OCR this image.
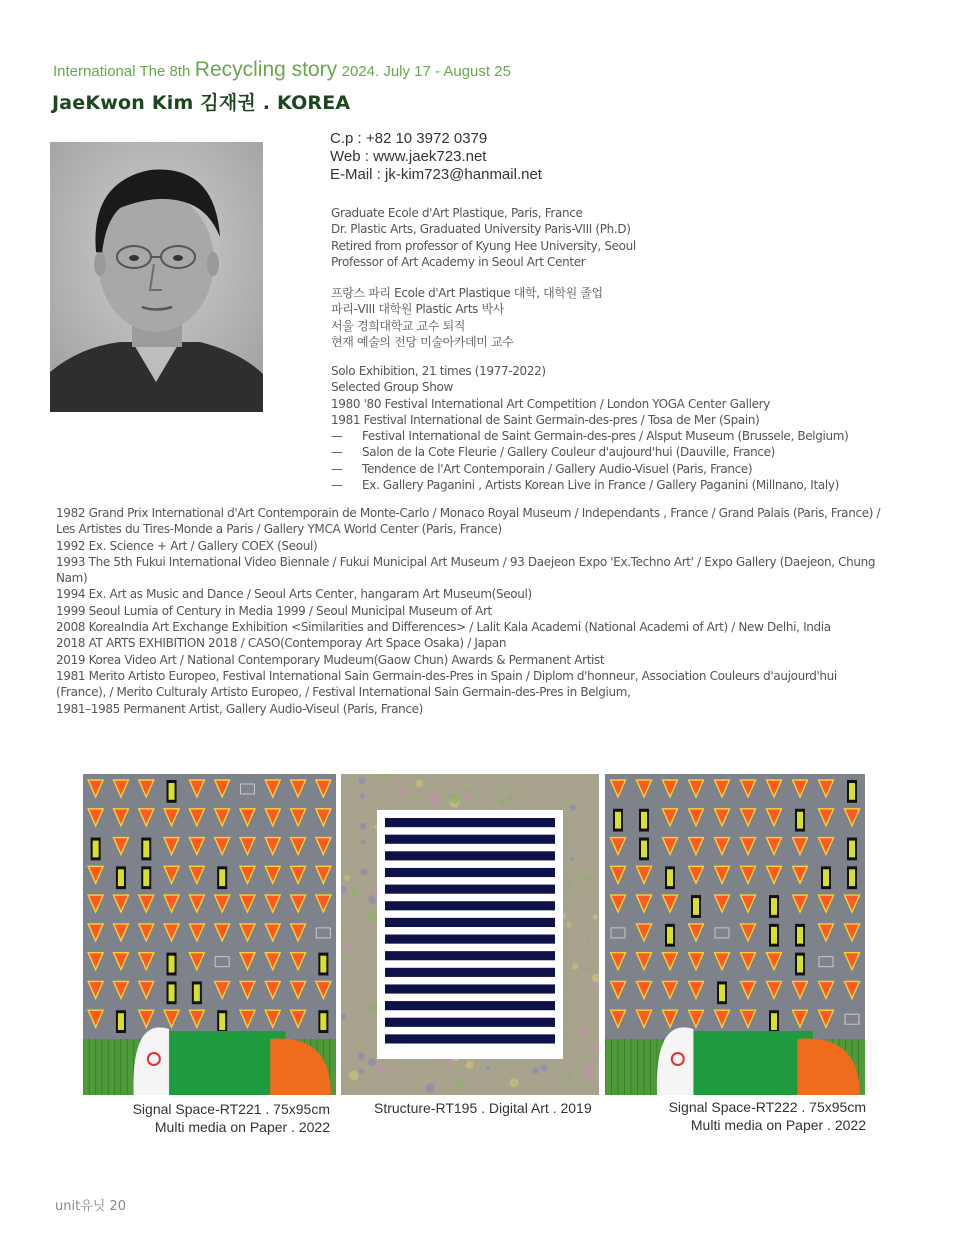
International The 8th Recycling story 2024. July 17 - August 25
JaeKwon Kim 김재권 . KOREA
C.p : +82 10 3972 0379
Web : www.jaek723.net
E-Mail : jk-kim723@hanmail.net
Graduate Ecole d'Art Plastique, Paris, France
Dr. Plastic Arts, Graduated University Paris-VIII (Ph.D)
Retired from professor of Kyung Hee University, Seoul
Professor of Art Academy in Seoul Art Center
프랑스 파리 Ecole d'Art Plastique 대학, 대학원 졸업
파리-VIII 대학원 Plastic Arts 박사
서울 경희대학교 교수 퇴직
현재 예술의 전당 미술아카데미 교수
Solo Exhibition, 21 times (1977-2022)
Selected Group Show
1980 '80 Festival International Art Competition / London YOGA Center Gallery
1981 Festival International de Saint Germain-des-pres / Tosa de Mer (Spain)
— Festival International de Saint Germain-des-pres / Alsput Museum (Brussele, Belgium)
— Salon de la Cote Fleurie / Gallery Couleur d'aujourd'hui (Dauville, France)
— Tendence de l'Art Contemporain / Gallery Audio-Visuel (Paris, France)
— Ex. Gallery Paganini , Artists Korean Live in France / Gallery Paganini (Millnano, Italy)
1982 Grand Prix International d'Art Contemporain de Monte-Carlo / Monaco Royal Museum / Independants , France / Grand Palais (Paris, France) / Les Artistes du Tires-Monde a Paris / Gallery YMCA World Center (Paris, France)
1992 Ex. Science + Art / Gallery COEX (Seoul)
1993 The 5th Fukui International Video Biennale / Fukui Municipal Art Museum / 93 Daejeon Expo 'Ex.Techno Art' / Expo Gallery (Daejeon, Chung Nam)
1994 Ex. Art as Music and Dance / Seoul Arts Center, hangaram Art Museum(Seoul)
1999 Seoul Lumia of Century in Media 1999 / Seoul Municipal Museum of Art
2008 KoreaIndia Art Exchange Exhibition <Similarities and Differences> / Lalit Kala Academi (National Academi of Art) / New Delhi, India
2018 AT ARTS EXHIBITION 2018 / CASO(Contemporay Art Space Osaka) / Japan
2019 Korea Video Art / National Contemporary Mudeum(Gaow Chun) Awards & Permanent Artist
1981 Merito Artisto Europeo, Festival International Sain Germain-des-Pres in Spain / Diplom d'honneur, Association Couleurs d'aujourd'hui (France), / Merito Culturaly Artisto Europeo, / Festival International Sain Germain-des-Pres in Belgium,
1981–1985 Permanent Artist, Gallery Audio-Viseul (Paris, France)
Signal Space-RT221 . 75x95cm
Multi media on Paper . 2022
Structure-RT195 . Digital Art . 2019	Signal Space-RT222 . 75x95cm
Multi media on Paper . 2022
unit유닛 20
